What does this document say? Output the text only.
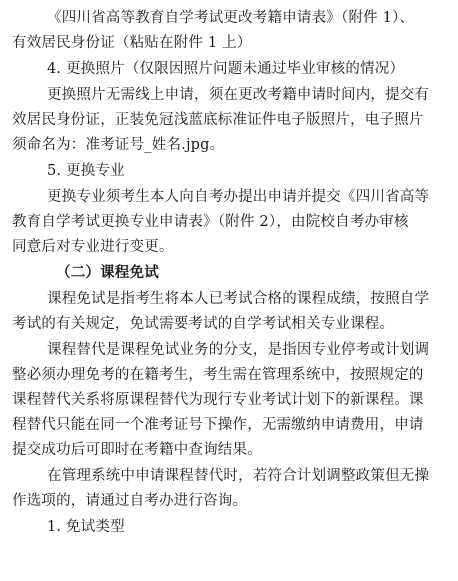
《四川省高等教育自学考试更改考籍申请表》（附件 1）、
有效居民身份证（粘贴在附件 1 上）
4. 更换照片（仅限因照片问题未通过毕业审核的情况）
更换照片无需线上申请，须在更改考籍申请时间内，提交有
效居民身份证，正装免冠浅蓝底标准证件电子版照片，电子照片
须命名为：准考证号_姓名.jpg。
5. 更换专业
更换专业须考生本人向自考办提出申请并提交《四川省高等
教育自学考试更换专业申请表》（附件 2），由院校自考办审核
同意后对专业进行变更。
（二）课程免试
课程免试是指考生将本人已考试合格的课程成绩，按照自学
考试的有关规定，免试需要考试的自学考试相关专业课程。
课程替代是课程免试业务的分支，是指因专业停考或计划调
整必须办理免考的在籍考生，考生需在管理系统中，按照规定的
课程替代关系将原课程替代为现行专业考试计划下的新课程。课
程替代只能在同一个准考证号下操作，无需缴纳申请费用，申请
提交成功后可即时在考籍中查询结果。
在管理系统中申请课程替代时，若符合计划调整政策但无操
作选项的，请通过自考办进行咨询。
1. 免试类型
